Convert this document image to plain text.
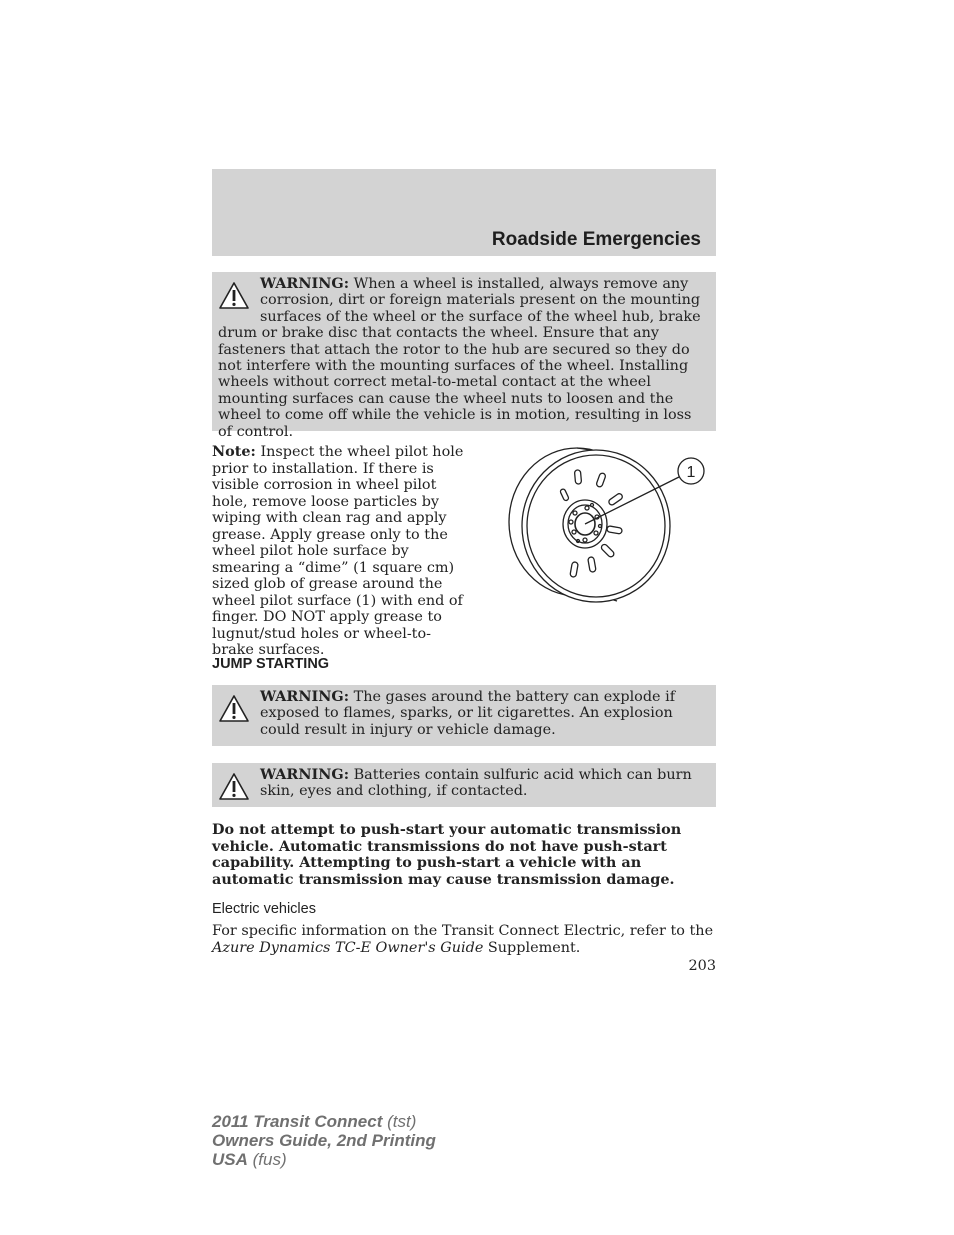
Roadside Emergencies
WARNING: When a wheel is installed, always remove any corrosion, dirt or foreign materials present on the mounting surfaces of the wheel or the surface of the wheel hub, brake drum or brake disc that contacts the wheel. Ensure that any fasteners that attach the rotor to the hub are secured so they do not interfere with the mounting surfaces of the wheel. Installing wheels without correct metal-to-metal contact at the wheel mounting surfaces can cause the wheel nuts to loosen and the wheel to come off while the vehicle is in motion, resulting in loss of control.
Note: Inspect the wheel pilot hole prior to installation. If there is visible corrosion in wheel pilot hole, remove loose particles by wiping with clean rag and apply grease. Apply grease only to the wheel pilot hole surface by smearing a “dime” (1 square cm) sized glob of grease around the wheel pilot surface (1) with end of finger. DO NOT apply grease to lugnut/stud holes or wheel-to-brake surfaces.
1
JUMP STARTING
WARNING: The gases around the battery can explode if exposed to flames, sparks, or lit cigarettes. An explosion could result in injury or vehicle damage.
WARNING: Batteries contain sulfuric acid which can burn skin, eyes and clothing, if contacted.
Do not attempt to push-start your automatic transmission vehicle. Automatic transmissions do not have push-start capability. Attempting to push-start a vehicle with an automatic transmission may cause transmission damage.
Electric vehicles
For specific information on the Transit Connect Electric, refer to the Azure Dynamics TC-E Owner's Guide Supplement.
203
2011 Transit Connect (tst)
Owners Guide, 2nd Printing
USA (fus)
